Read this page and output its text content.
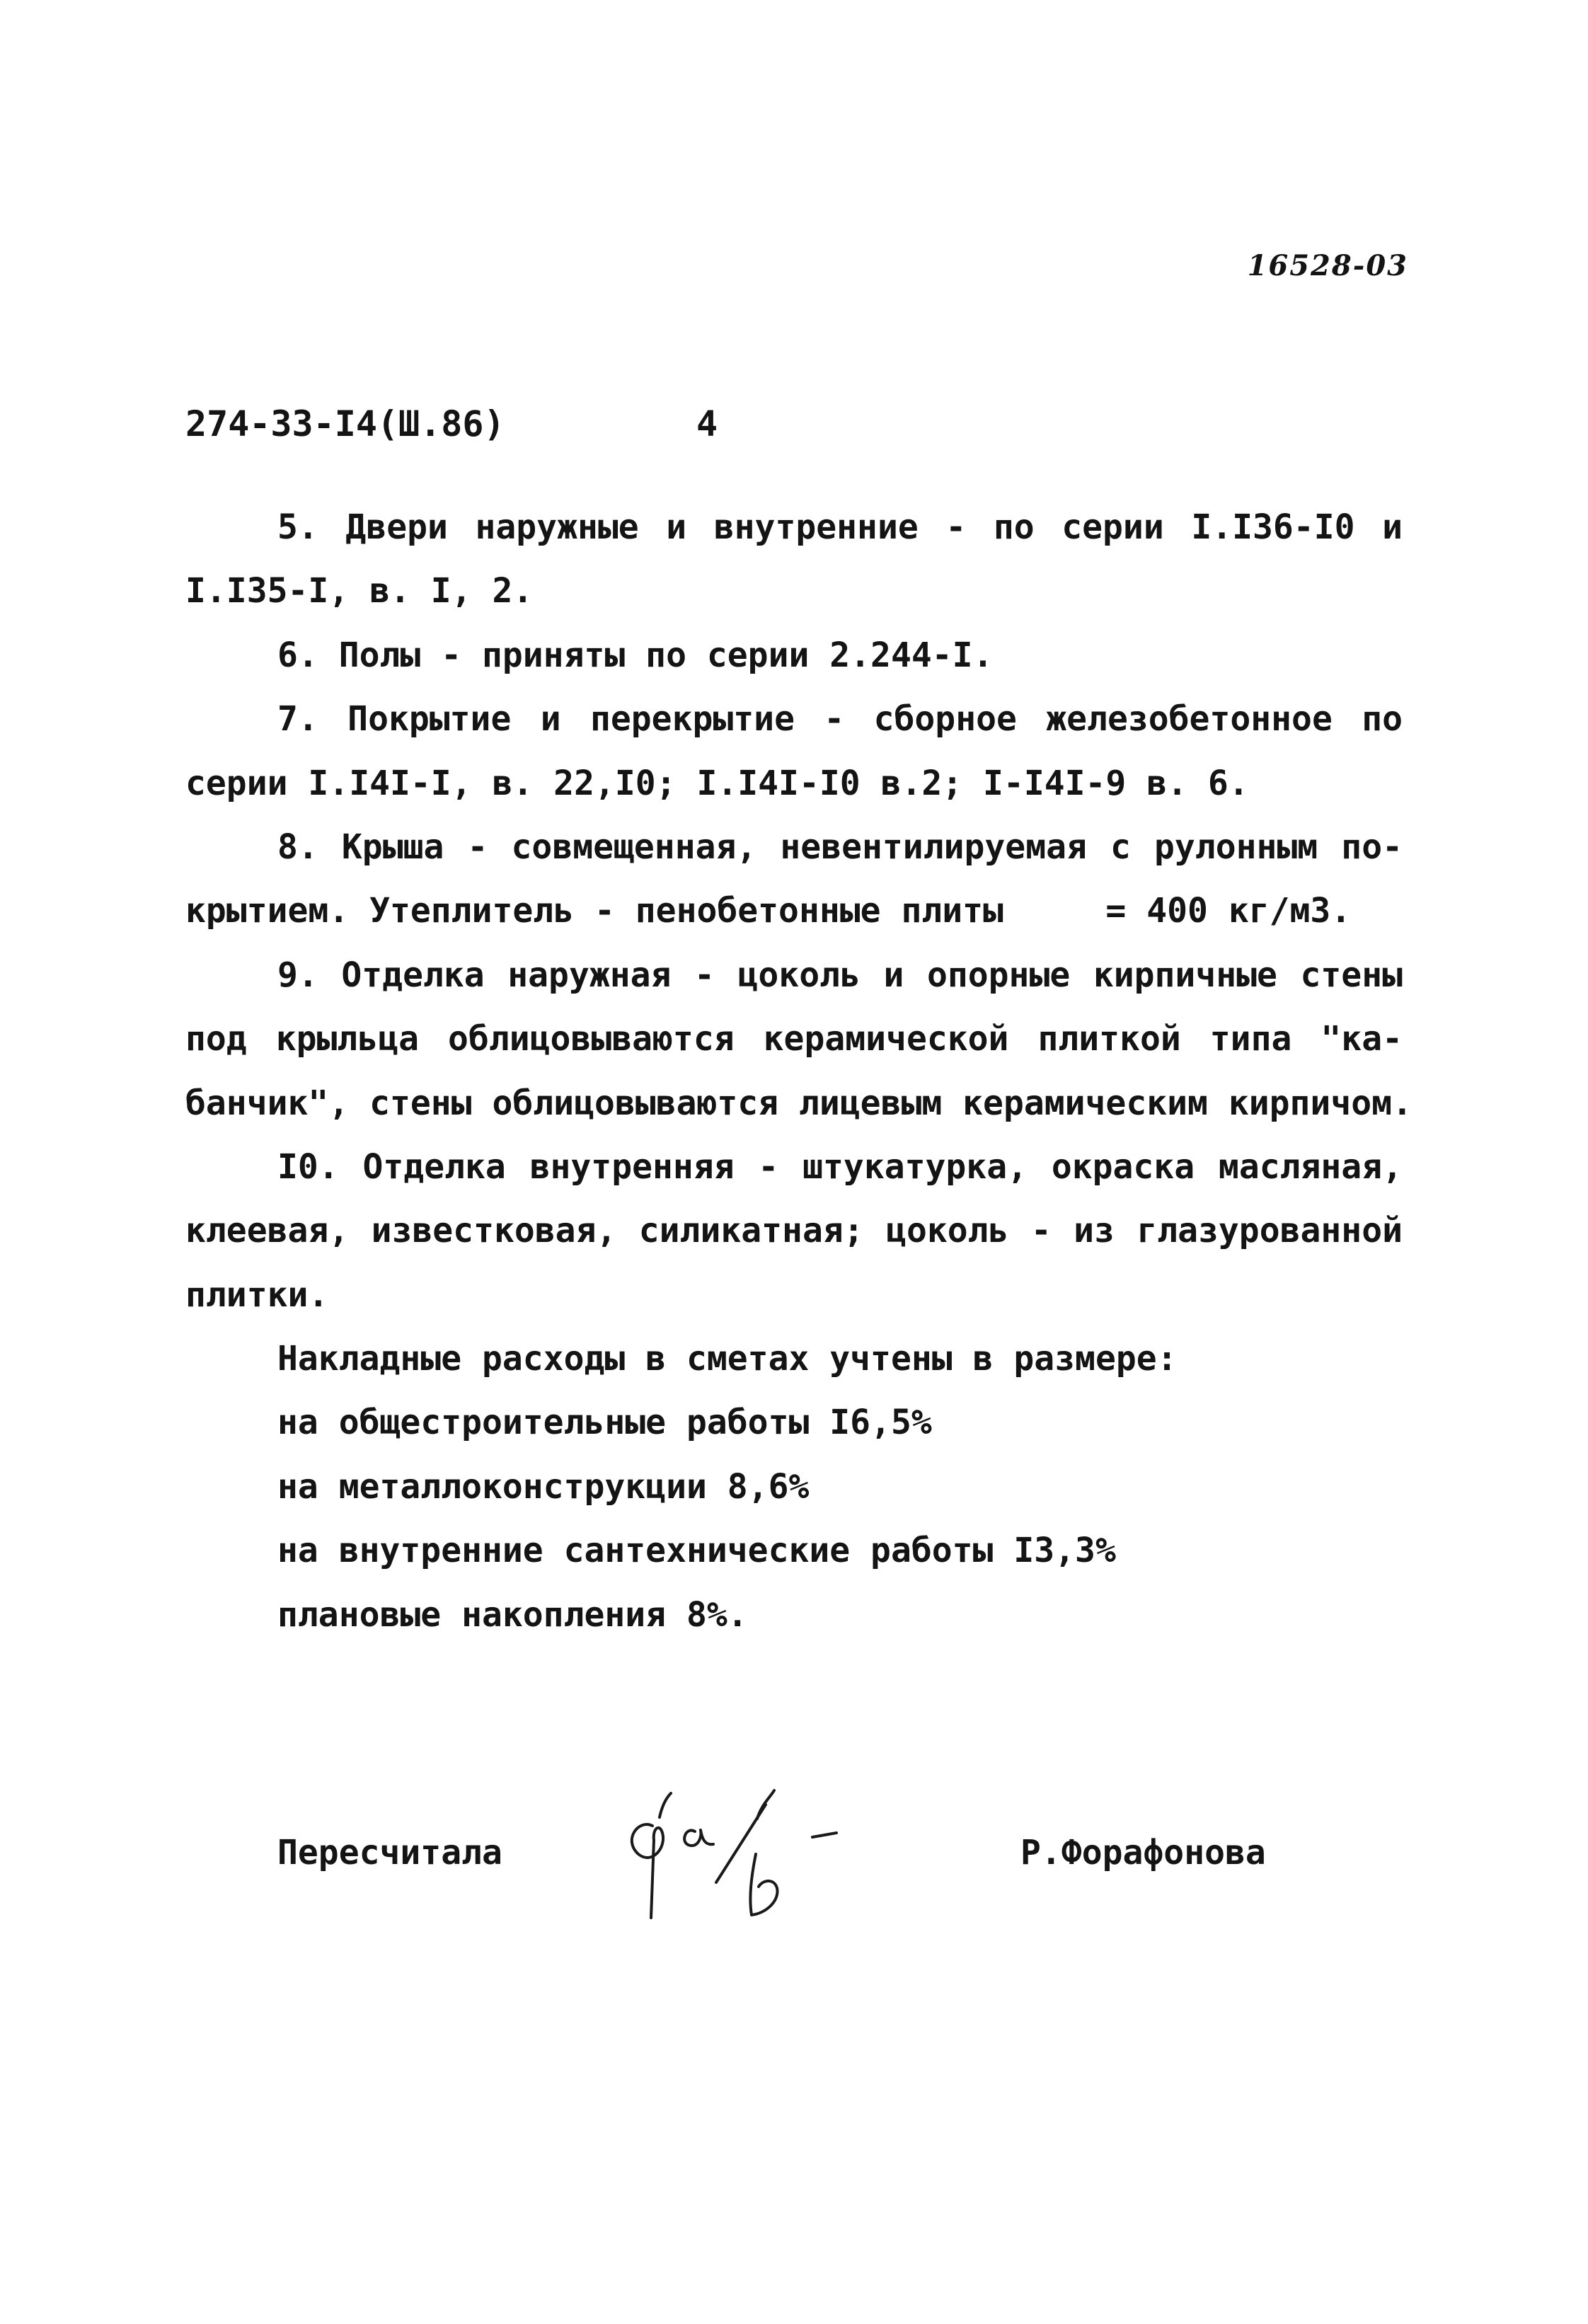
16528-03
274-33-I4(Ш.86)	4
5. Двери наружные и внутренние - по серии I.I36-I0 и
I.I35-I, в. I, 2.
6. Полы - приняты по серии 2.244-I.
7. Покрытие и перекрытие - сборное железобетонное по
серии I.I4I-I, в. 22,I0; I.I4I-I0 в.2; I-I4I-9 в. 6.
8. Крыша - совмещенная, невентилируемая с рулонным по-
крытием. Утеплитель - пенобетонные плиты     = 400 кг/м3.
9. Отделка наружная - цоколь и опорные кирпичные стены
под крыльца облицовываются керамической плиткой типа "ка-
банчик", стены облицовываются лицевым керамическим кирпичом.
I0. Отделка внутренняя - штукатурка, окраска масляная,
клеевая, известковая, силикатная; цоколь - из глазурованной
плитки.
Накладные расходы в сметах учтены в размере:
на общестроительные работы I6,5%
на металлоконструкции 8,6%
на внутренние сантехнические работы I3,3%
плановые накопления 8%.
Пересчитала	Р.Форафонова
